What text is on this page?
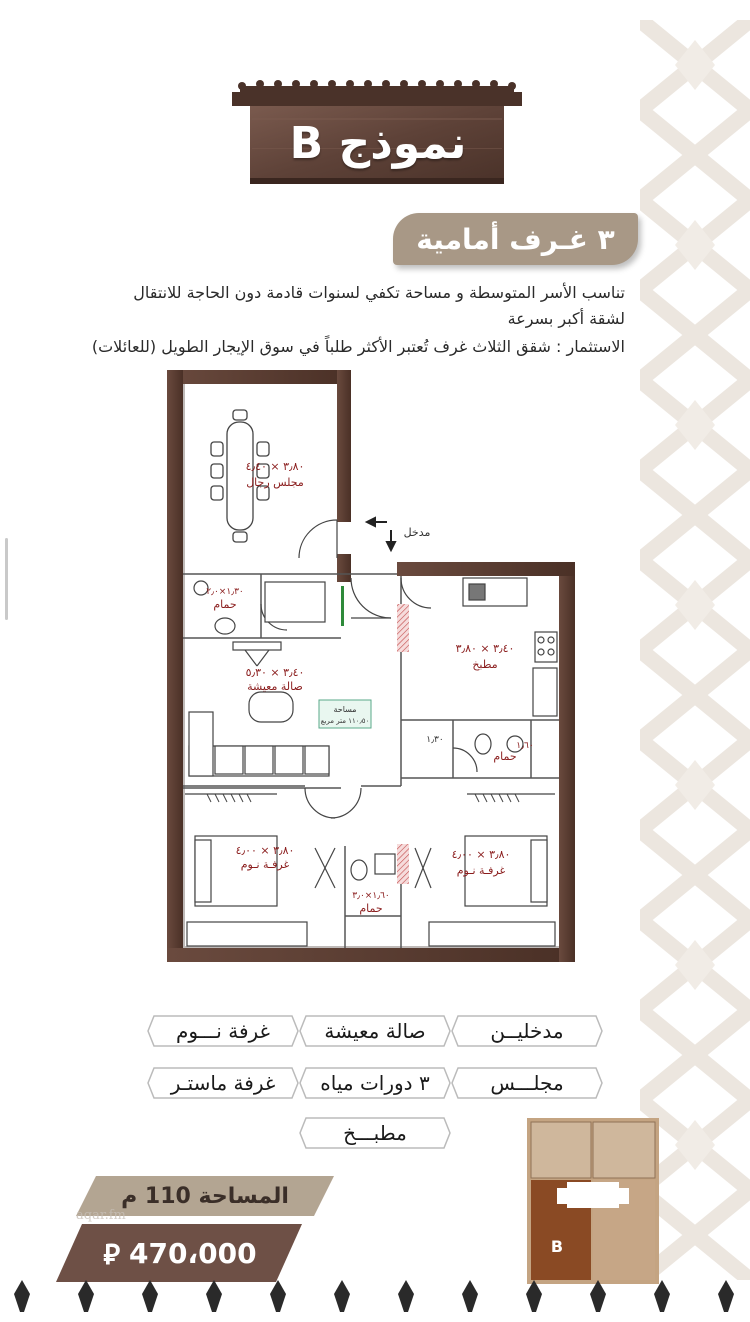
نموذج B
٣ غـرف أمامية
تناسب الأسر المتوسطة و مساحة تكفي لسنوات قادمة دون الحاجة للانتقال
لشقة أكبر بسرعة
الاستثمار : شقق الثلاث غرف تُعتبر الأكثر طلباً في سوق الإيجار الطويل (للعائلات)
٣٫٨٠ × ٤٫٤٠
مجلس رجال
١٫٣٠×٢٫٠
حمام
٣٫٤٠ × ٥٫٣٠
صالة معيشة
٣٫٤٠ × ٣٫٨٠
مطبخ
١٫٣٠
١٫٦٠
حمام
٣٫٨٠ × ٤٫٠٠
غرفـة نـوم
٣٫٨٠ × ٤٫٠٠
غرفـة نـوم
١٫٦٠×٣٫٠
حمام
مدخل
مساحة
١١٠٫٥٠ متر مربع
مدخليــن
صالة معيشة
غرفة نـــوم
مجلـــس
٣ دورات مياه
غرفة ماستـر
مطبـــخ
المساحة 110 م
aqar.fm
⃁ 470،000	B
